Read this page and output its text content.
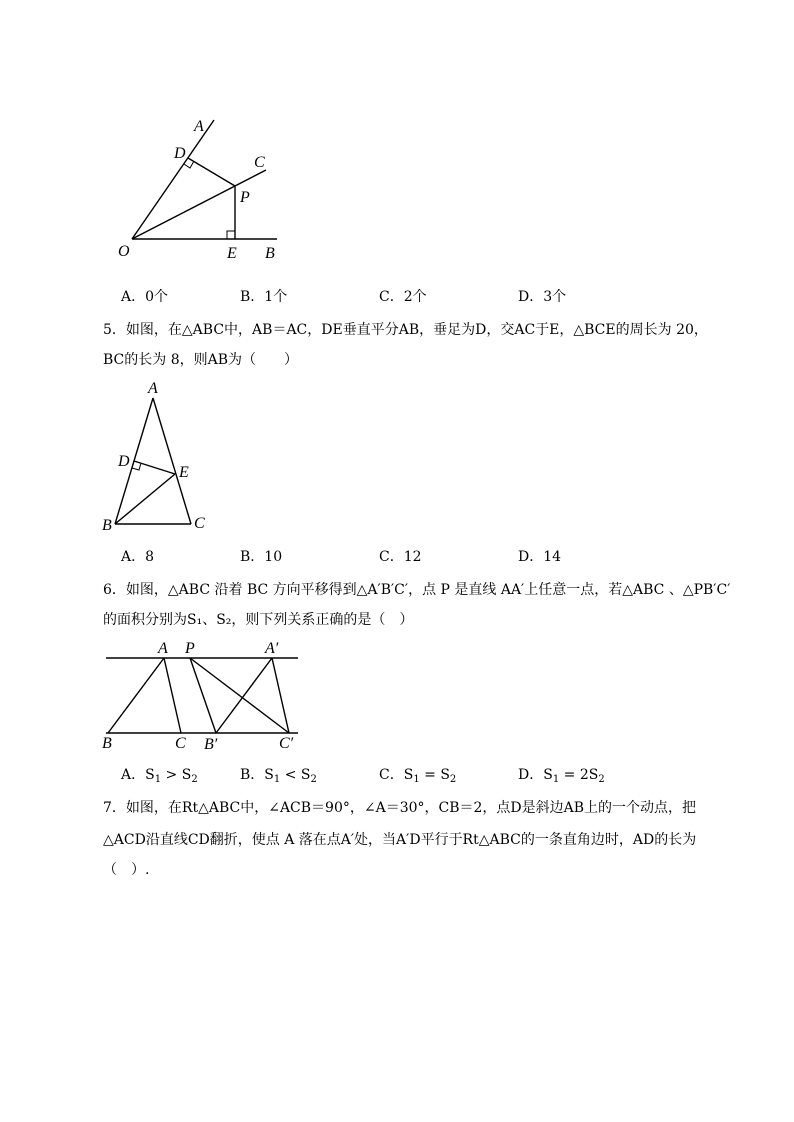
A
D
C
P
O	E B
A．0个	B．1个	C．2个	D．3个
5．如图，在△ABC中，AB＝AC，DE垂直平分AB，垂足为D，交AC于E，△BCE的周长为 20，
BC的长为 8，则AB为（　　）
A
D
E
B	C
A．8	B．10	C．12	D．14
6．如图，△ABC 沿着 BC 方向平移得到△A′B′C′，点 P 是直线 AA′上任意一点，若△ABC 、△PB′C′
的面积分别为S₁、S₂，则下列关系正确的是（　）
A P	A′
B	C B′	C′
A．$S_1 > S_2$	B．$S_1 < S_2$	C．$S_1 = S_2$	D．$S_1 = 2S_2$
7．如图，在Rt△ABC中，∠ACB＝90°，∠A＝30°，CB＝2，点D是斜边AB上的一个动点，把
△ACD沿直线CD翻折，使点 A 落在点A′处，当A′D平行于Rt△ABC的一条直角边时，AD的长为
（　）.
